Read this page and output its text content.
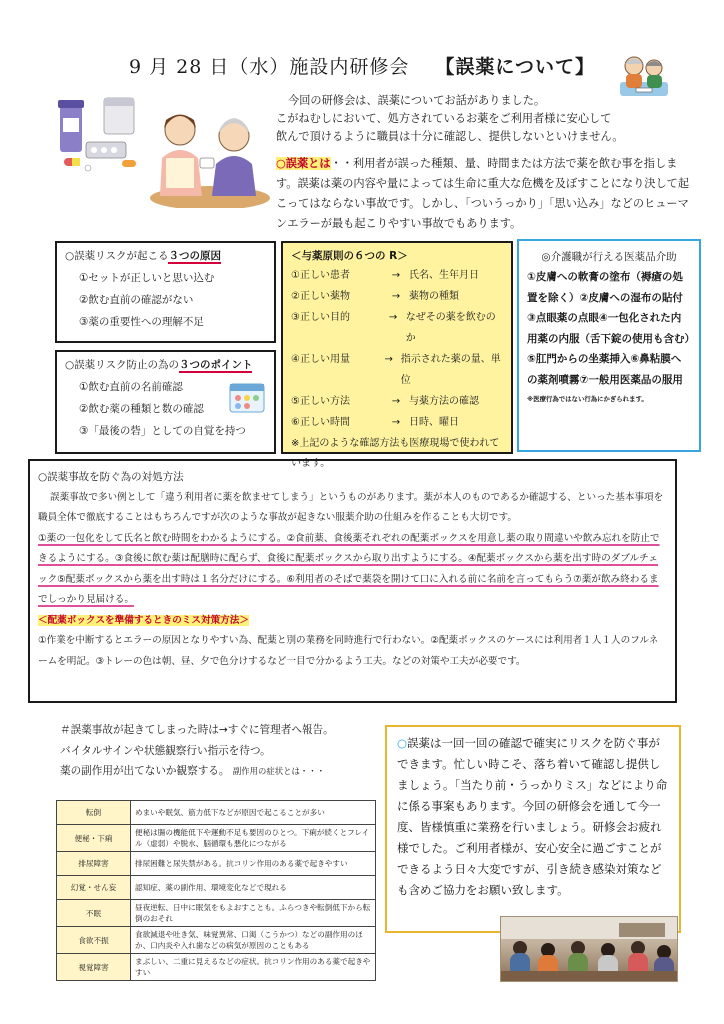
9 月 28 日（水）施設内研修会 【誤薬について】

今回の研修会は、誤薬についてお話がありました。

こがねむしにおいて、処方されているお薬をご利用者様に安心して

飲んで頂けるように職員は十分に確認し、提供しないといけません。

○誤薬とは・・利用者が誤った種類、量、時間または方法で薬を飲む事を指します。誤薬は薬の内容や量によっては生命に重大な危機を及ぼすことになり決して起こってはならない事故です。しかし、「ついうっかり」「思い込み」などのヒューマンエラーが最も起こりやすい事故でもあります。
○誤薬リスクが起こる３つの原因
①セットが正しいと思い込む
②飲む直前の確認がない
③薬の重要性への理解不足
○誤薬リスク防止の為の３つのポイント
①飲む直前の名前確認
②飲む薬の種類と数の確認
③「最後の砦」としての自覚を持つ
＜与薬原則の６つの R＞
①正しい患者	→ 氏名、生年月日
②正しい薬物	→ 薬物の種類
③正しい目的	→ なぜその薬を飲むのか
④正しい用量	→ 指示された薬の量、単位
⑤正しい方法	→ 与薬方法の確認
⑥正しい時間	→ 日時、曜日
※上記のような確認方法も医療現場で使われています。
◎介護職が行える医薬品介助
①皮膚への軟膏の塗布（褥瘡の処置を除く）②皮膚への湿布の貼付③点眼薬の点眼④一包化された内用薬の内服（舌下錠の使用も含む）⑤肛門からの坐薬挿入⑥鼻粘膜への薬剤噴霧⑦一般用医薬品の服用
※医療行為ではない行為にかぎられます。

○誤薬事故を防ぐ為の対処方法

誤薬事故で多い例として「違う利用者に薬を飲ませてしまう」というものがあります。薬が本人のものであるか確認する、といった基本事項を職員全体で徹底することはもちろんですが次のような事故が起きない服薬介助の仕組みを作ることも大切です。

①薬の一包化をして氏名と飲む時間をわかるようにする。②食前薬、食後薬それぞれの配薬ボックスを用意し薬の取り間違いや飲み忘れを防止できるようにする。③食後に飲む薬は配膳時に配らず、食後に配薬ボックスから取り出すようにする。④配薬ボックスから薬を出す時のダブルチェック⑤配薬ボックスから薬を出す時は１名分だけにする。⑥利用者のそばで薬袋を開けて口に入れる前に名前を言ってもらう⑦薬が飲み終わるまでしっかり見届ける。

＜配薬ボックスを準備するときのミス対策方法＞

①作業を中断するとエラーの原因となりやすい為、配薬と別の業務を同時進行で行わない。②配薬ボックスのケースには利用者１人１人のフルネームを明記。③トレーの色は朝、昼、夕で色分けするなど一目で分かるよう工夫。などの対策や工夫が必要です。

＃誤薬事故が起きてしまった時は→すぐに管理者へ報告。

バイタルサインや状態観察行い指示を待つ。

薬の副作用が出てないか観察する。 副作用の症状とは・・・

転倒	めまいや眠気、筋力低下などが原因で起こることが多い
便秘・下痢	便秘は腸の機能低下や運動不足も要因のひとつ。下痢が続くとフレイル（虚弱）や脱水、脳循環も悪化につながる
排尿障害	排尿困難と尿失禁がある。抗コリン作用のある薬で起きやすい
幻覚・せん妄	認知症、薬の副作用、環境変化などで現れる
不眠	昼夜逆転、日中に眠気をもよおすことも。ふらつきや転倒低下から転倒のおそれ
食欲不振	食欲減退や吐き気、味覚異常、口渇（こうかつ）などの副作用のほか、口内炎や入れ歯などの病気が原因のこともある
視覚障害	まぶしい、二重に見えるなどの症状。抗コリン作用のある薬で起きやすい
○誤薬は一回一回の確認で確実にリスクを防ぐ事ができます。忙しい時こそ、落ち着いて確認し提供しましょう。「当たり前・うっかりミス」などにより命に係る事案もあります。今回の研修会を通して今一度、皆様慎重に業務を行いましょう。研修会お疲れ様でした。ご利用者様が、安心安全に過ごすことができるよう日々大変ですが、引き続き感染対策なども含めご協力をお願い致します。
